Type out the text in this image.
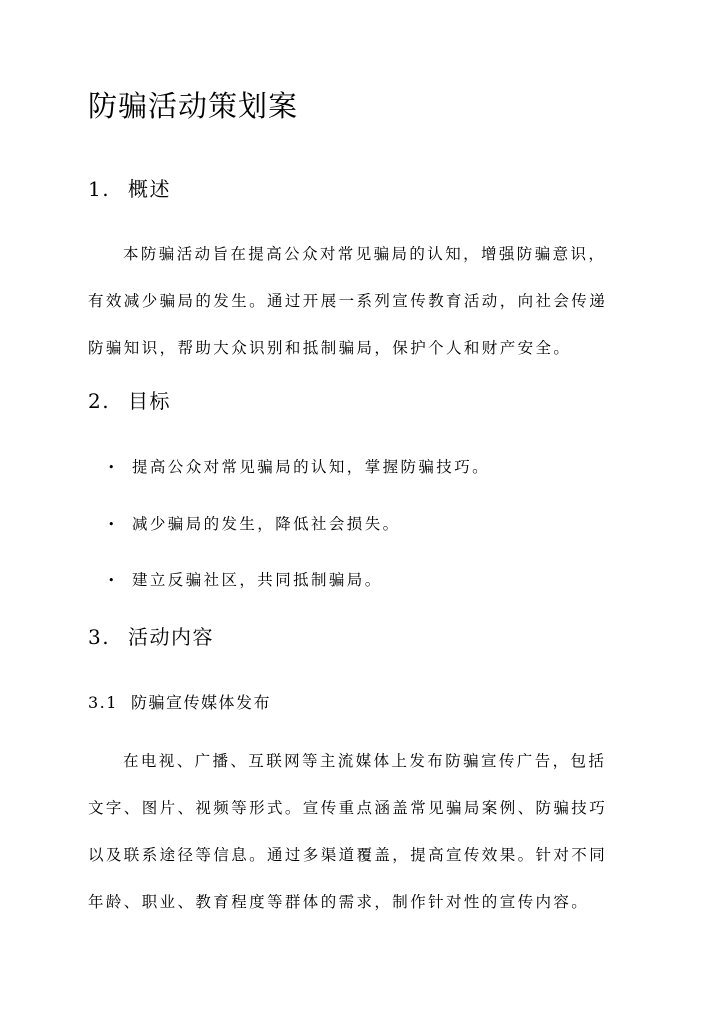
防骗活动策划案
1. 概述

本防骗活动旨在提高公众对常见骗局的认知，增强防骗意识，
有效减少骗局的发生。通过开展一系列宣传教育活动，向社会传递
防骗知识，帮助大众识别和抵制骗局，保护个人和财产安全。

2. 目标

• 提高公众对常见骗局的认知，掌握防骗技巧。

• 减少骗局的发生，降低社会损失。

• 建立反骗社区，共同抵制骗局。

3. 活动内容
3.1 防骗宣传媒体发布

在电视、广播、互联网等主流媒体上发布防骗宣传广告，包括
文字、图片、视频等形式。宣传重点涵盖常见骗局案例、防骗技巧
以及联系途径等信息。通过多渠道覆盖，提高宣传效果。针对不同
年龄、职业、教育程度等群体的需求，制作针对性的宣传内容。
